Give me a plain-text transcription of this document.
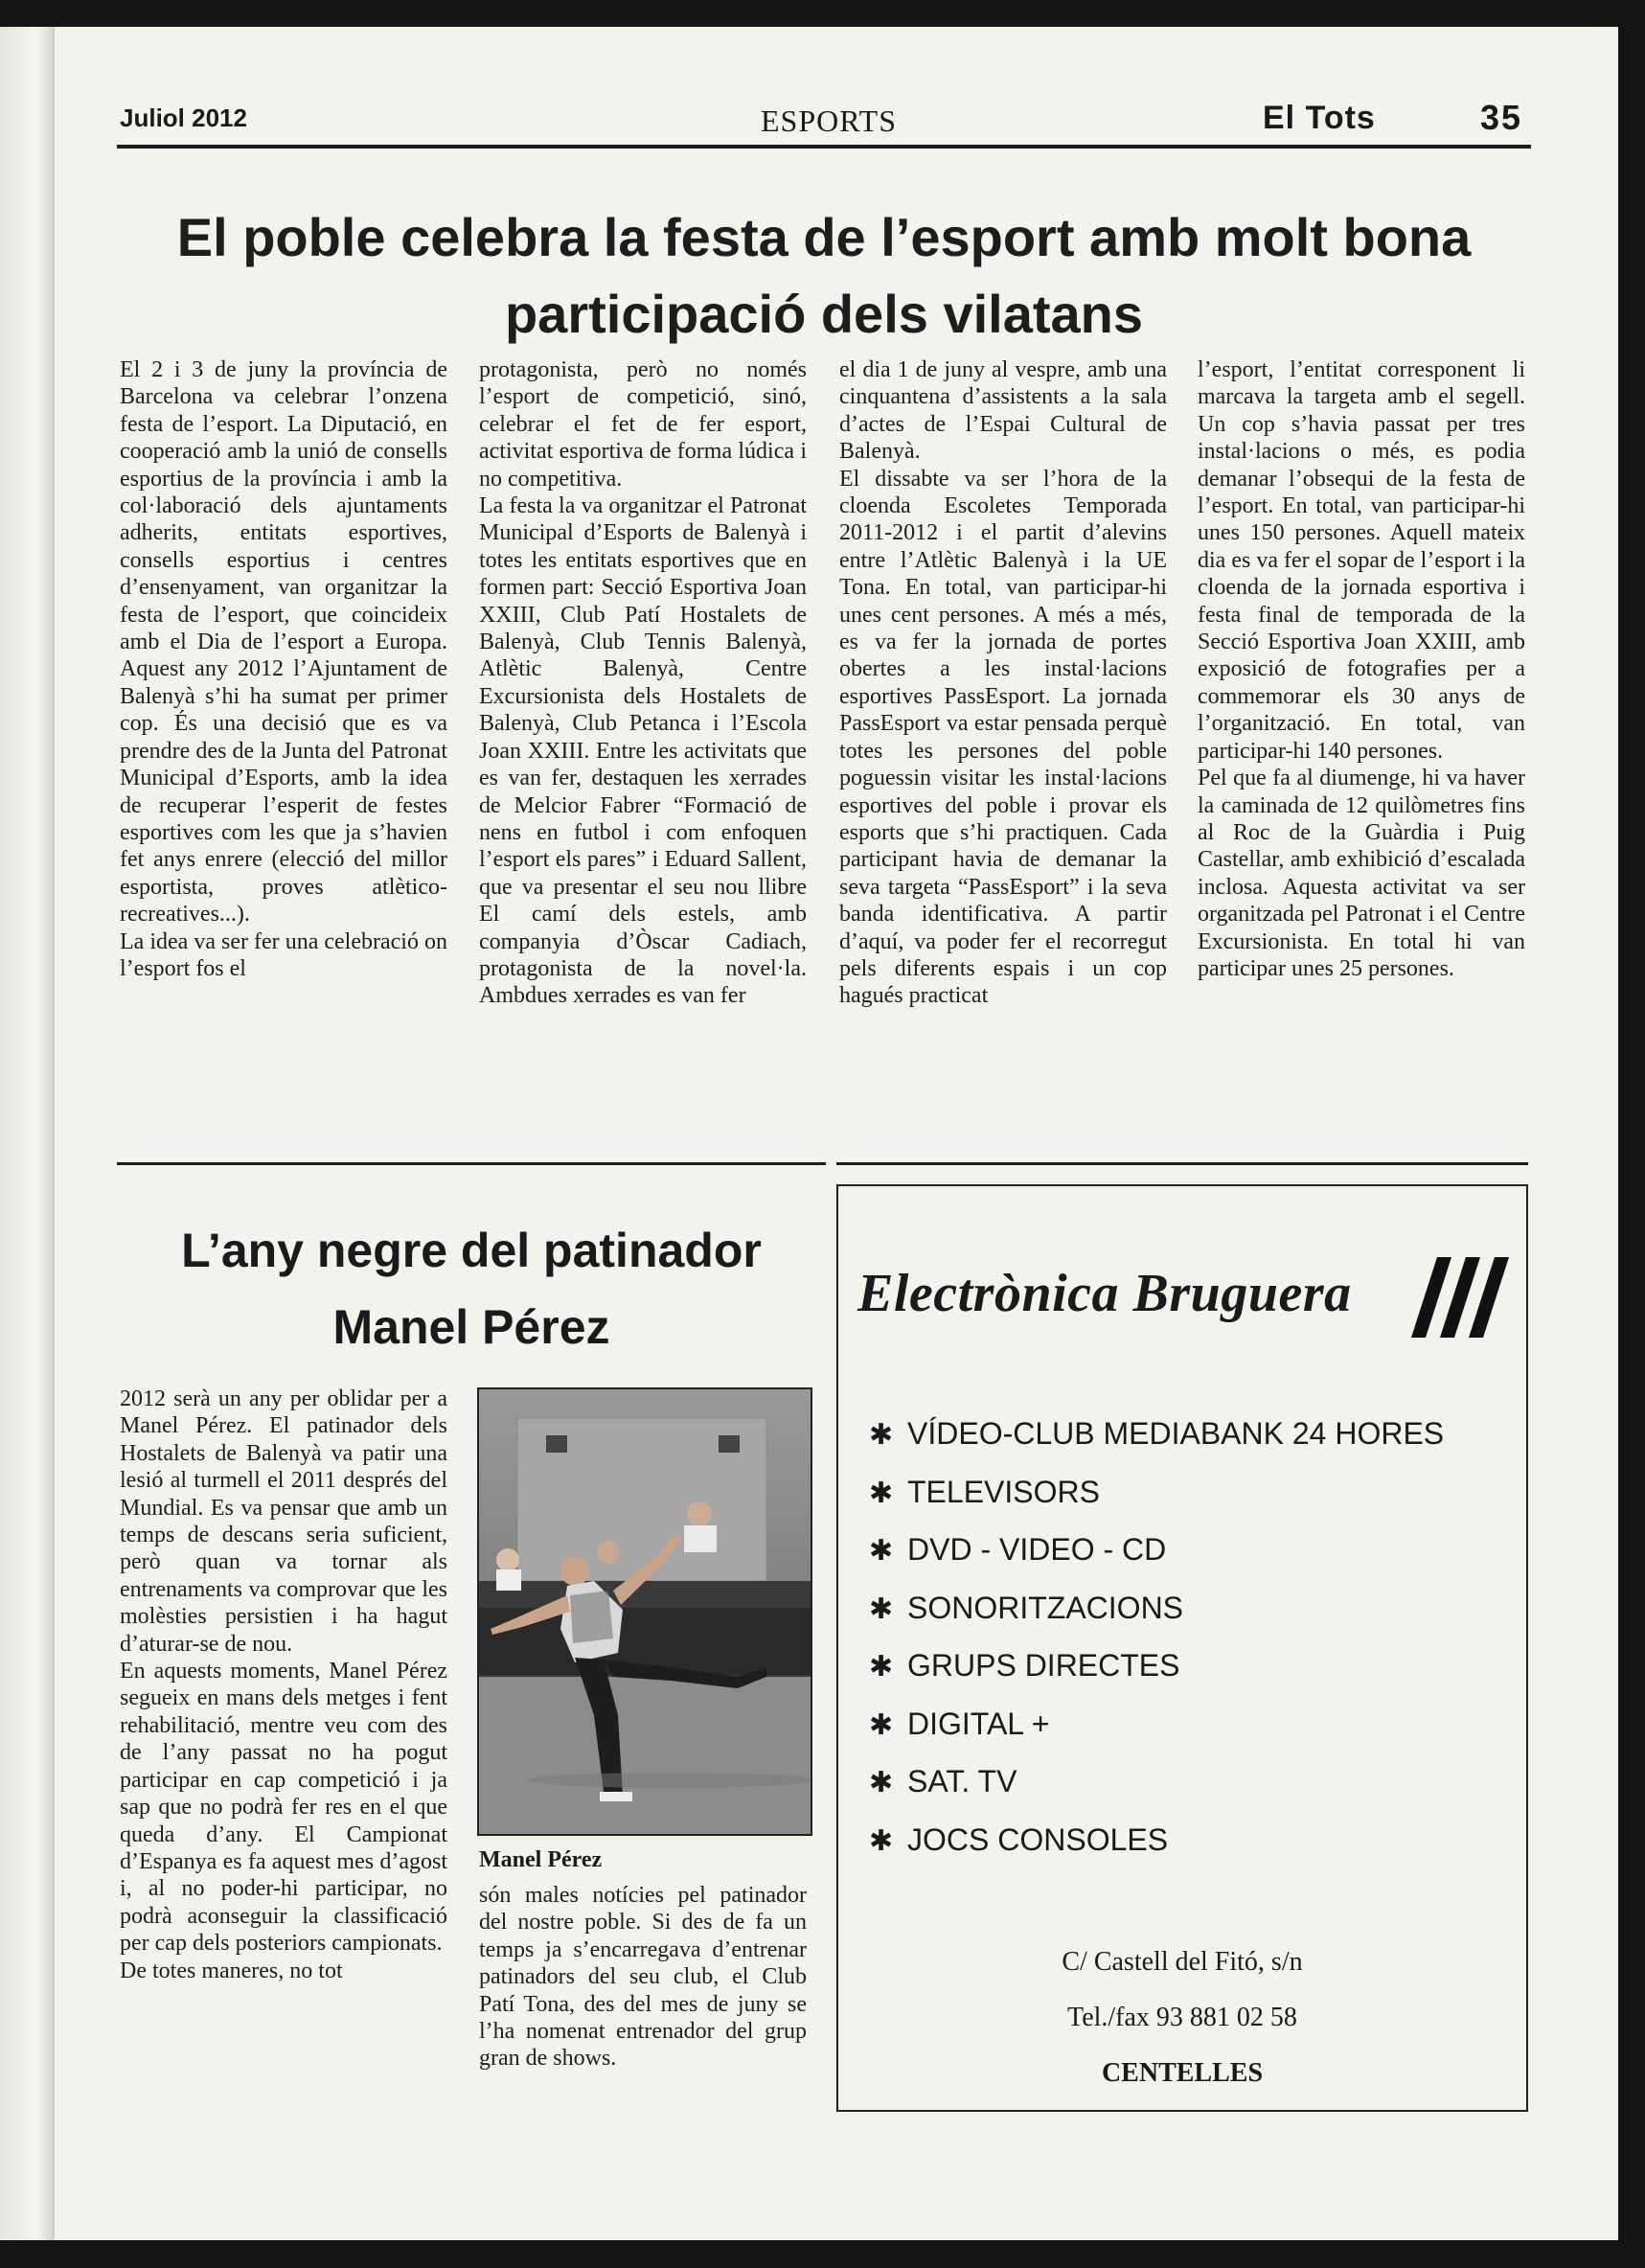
Juliol 2012	ESPORTS	El Tots	35
El poble celebra la festa de l’esport amb molt bona participació dels vilatans
El 2 i 3 de juny la província de Barcelona va celebrar l’onzena festa de l’esport. La Diputació, en cooperació amb la unió de consells esportius de la província i amb la col·laboració dels ajuntaments adherits, entitats esportives, consells esportius i centres d’ensenyament, van organitzar la festa de l’esport, que coincideix amb el Dia de l’esport a Europa. Aquest any 2012 l’Ajuntament de Balenyà s’hi ha sumat per primer cop. És una decisió que es va prendre des de la Junta del Patronat Municipal d’Esports, amb la idea de recuperar l’esperit de festes esportives com les que ja s’havien fet anys enrere (elecció del millor esportista, proves atlètico-recreatives...).
La idea va ser fer una celebració on l’esport fos el
protagonista, però no només l’esport de competició, sinó, celebrar el fet de fer esport, activitat esportiva de forma lúdica i no competitiva.
La festa la va organitzar el Patronat Municipal d’Esports de Balenyà i totes les entitats esportives que en formen part: Secció Esportiva Joan XXIII, Club Patí Hostalets de Balenyà, Club Tennis Balenyà, Atlètic Balenyà, Centre Excursionista dels Hostalets de Balenyà, Club Petanca i l’Escola Joan XXIII. Entre les activitats que es van fer, destaquen les xerrades de Melcior Fabrer “Formació de nens en futbol i com enfoquen l’esport els pares” i Eduard Sallent, que va presentar el seu nou llibre El camí dels estels, amb companyia d’Òscar Cadiach, protagonista de la novel·la. Ambdues xerrades es van fer
el dia 1 de juny al vespre, amb una cinquantena d’assistents a la sala d’actes de l’Espai Cultural de Balenyà.
El dissabte va ser l’hora de la cloenda Escoletes Temporada 2011-2012 i el partit d’alevins entre l’Atlètic Balenyà i la UE Tona. En total, van participar-hi unes cent persones. A més a més, es va fer la jornada de portes obertes a les instal·lacions esportives PassEsport. La jornada PassEsport va estar pensada perquè totes les persones del poble poguessin visitar les instal·lacions esportives del poble i provar els esports que s’hi practiquen. Cada participant havia de demanar la seva targeta “PassEsport” i la seva banda identificativa. A partir d’aquí, va poder fer el recorregut pels diferents espais i un cop hagués practicat
l’esport, l’entitat corresponent li marcava la targeta amb el segell. Un cop s’havia passat per tres instal·lacions o més, es podia demanar l’obsequi de la festa de l’esport. En total, van participar-hi unes 150 persones. Aquell mateix dia es va fer el sopar de l’esport i la cloenda de la jornada esportiva i festa final de temporada de la Secció Esportiva Joan XXIII, amb exposició de fotografies per a commemorar els 30 anys de l’organització. En total, van participar-hi 140 persones.
Pel que fa al diumenge, hi va haver la caminada de 12 quilòmetres fins al Roc de la Guàrdia i Puig Castellar, amb exhibició d’escalada inclosa. Aquesta activitat va ser organitzada pel Patronat i el Centre Excursionista. En total hi van participar unes 25 persones.
L’any negre del patinador
Manel Pérez
2012 serà un any per oblidar per a Manel Pérez. El patinador dels Hostalets de Balenyà va patir una lesió al turmell el 2011 després del Mundial. Es va pensar que amb un temps de descans seria suficient, però quan va tornar als entrenaments va comprovar que les molèsties persistien i ha hagut d’aturar-se de nou.
En aquests moments, Manel Pérez segueix en mans dels metges i fent rehabilitació, mentre veu com des de l’any passat no ha pogut participar en cap competició i ja sap que no podrà fer res en el que queda d’any. El Campionat d’Espanya es fa aquest mes d’agost i, al no poder-hi participar, no podrà aconseguir la classificació per cap dels posteriors campionats.
De totes maneres, no tot
Manel Pérez
són males notícies pel patinador del nostre poble. Si des de fa un temps ja s’encarregava d’entrenar patinadors del seu club, el Club Patí Tona, des del mes de juny se l’ha nomenat entrenador del grup gran de shows.
Electrònica Bruguera
✱ VÍDEO-CLUB MEDIABANK 24 HORES
✱ TELEVISORS
✱ DVD - VIDEO - CD
✱ SONORITZACIONS
✱ GRUPS DIRECTES
✱ DIGITAL +
✱ SAT. TV
✱ JOCS CONSOLES
C/ Castell del Fitó, s/n
Tel./fax 93 881 02 58
CENTELLES
